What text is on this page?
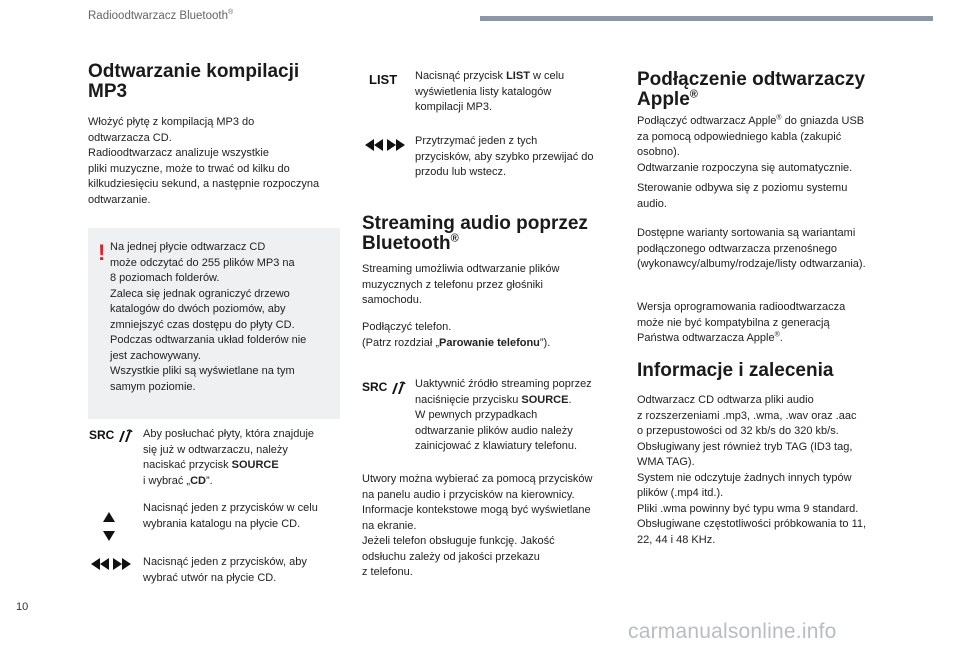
Radioodtwarzacz Bluetooth®
Odtwarzanie kompilacji
MP3

Włożyć płytę z kompilacją MP3 do
odtwarzacza CD.
Radioodtwarzacz analizuje wszystkie
pliki muzyczne, może to trwać od kilku do
kilkudziesięciu sekund, a następnie rozpoczyna
odtwarzanie.

! Na jednej płycie odtwarzacz CD
może odczytać do 255 plików MP3 na
8 poziomach folderów.
Zaleca się jednak ograniczyć drzewo
katalogów do dwóch poziomów, aby
zmniejszyć czas dostępu do płyty CD.
Podczas odtwarzania układ folderów nie
jest zachowywany.
Wszystkie pliki są wyświetlane na tym
samym poziomie.

SRC	Aby posłuchać płyty, która znajduje
się już w odtwarzaczu, należy
naciskać przycisk SOURCE
i wybrać „CD”.

Nacisnąć jeden z przycisków w celu
wybrania katalogu na płycie CD.

Nacisnąć jeden z przycisków, aby
wybrać utwór na płycie CD.

LIST Nacisnąć przycisk LIST w celu
wyświetlenia listy katalogów
kompilacji MP3.

Przytrzymać jeden z tych
przycisków, aby szybko przewijać do
przodu lub wstecz.

Streaming audio poprzez
Bluetooth®

Streaming umożliwia odtwarzanie plików
muzycznych z telefonu przez głośniki
samochodu.

Podłączyć telefon.
(Patrz rozdział „Parowanie telefonu”).

SRC	Uaktywnić źródło streaming poprzez
naciśnięcie przycisku SOURCE.
W pewnych przypadkach
odtwarzanie plików audio należy
zainicjować z klawiatury telefonu.

Utwory można wybierać za pomocą przycisków
na panelu audio i przycisków na kierownicy.
Informacje kontekstowe mogą być wyświetlane
na ekranie.
Jeżeli telefon obsługuje funkcję. Jakość
odsłuchu zależy od jakości przekazu
z telefonu.

Podłączenie odtwarzaczy
Apple®

Podłączyć odtwarzacz Apple® do gniazda USB
za pomocą odpowiedniego kabla (zakupić
osobno).
Odtwarzanie rozpoczyna się automatycznie.

Sterowanie odbywa się z poziomu systemu
audio.

Dostępne warianty sortowania są wariantami
podłączonego odtwarzacza przenośnego
(wykonawcy/albumy/rodzaje/listy odtwarzania).

Wersja oprogramowania radioodtwarzacza
może nie być kompatybilna z generacją
Państwa odtwarzacza Apple®.

Informacje i zalecenia

Odtwarzacz CD odtwarza pliki audio
z rozszerzeniami .mp3, .wma, .wav oraz .aac
o przepustowości od 32 kb/s do 320 kb/s.
Obsługiwany jest również tryb TAG (ID3 tag,
WMA TAG).
System nie odczytuje żadnych innych typów
plików (.mp4 itd.).
Pliki .wma powinny być typu wma 9 standard.
Obsługiwane częstotliwości próbkowania to 11,
22, 44 i 48 KHz.

10
carmanualsonline.info
